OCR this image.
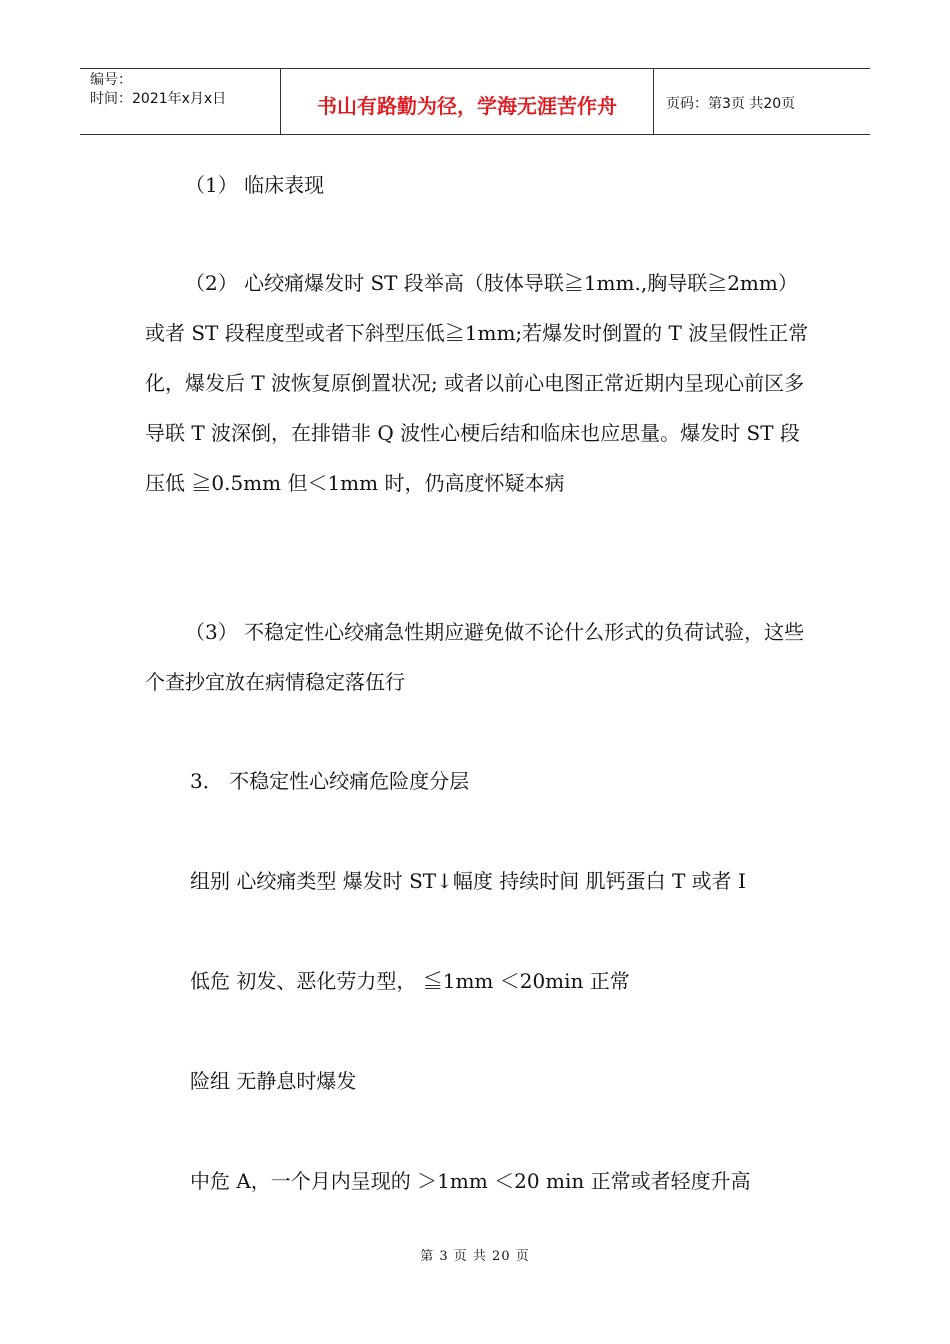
编号：
时间：2021年x月x日	书山有路勤为径，学海无涯苦作舟	页码：第3页 共20页

（1） 临床表现

（2） 心绞痛爆发时 ST 段举高（肢体导联≧1mm.,胸导联≧2mm）或者 ST 段程度型或者下斜型压低≧1mm;若爆发时倒置的 T 波呈假性正常化，爆发后 T 波恢复原倒置状况; 或者以前心电图正常近期内呈现心前区多导联 T 波深倒，在排错非 Q 波性心梗后结和临床也应思量。爆发时 ST 段压低 ≧0.5mm 但＜1mm 时，仍高度怀疑本病

（3） 不稳定性心绞痛急性期应避免做不论什么形式的负荷试验，这些个查抄宜放在病情稳定落伍行

3． 不稳定性心绞痛危险度分层

组别 心绞痛类型 爆发时 ST↓幅度 持续时间 肌钙蛋白 T 或者 I

低危 初发、恶化劳力型， ≦1mm ＜20min 正常

险组 无静息时爆发

中危 A，一个月内呈现的 ＞1mm ＜20 min 正常或者轻度升高

第 3 页 共 20 页
